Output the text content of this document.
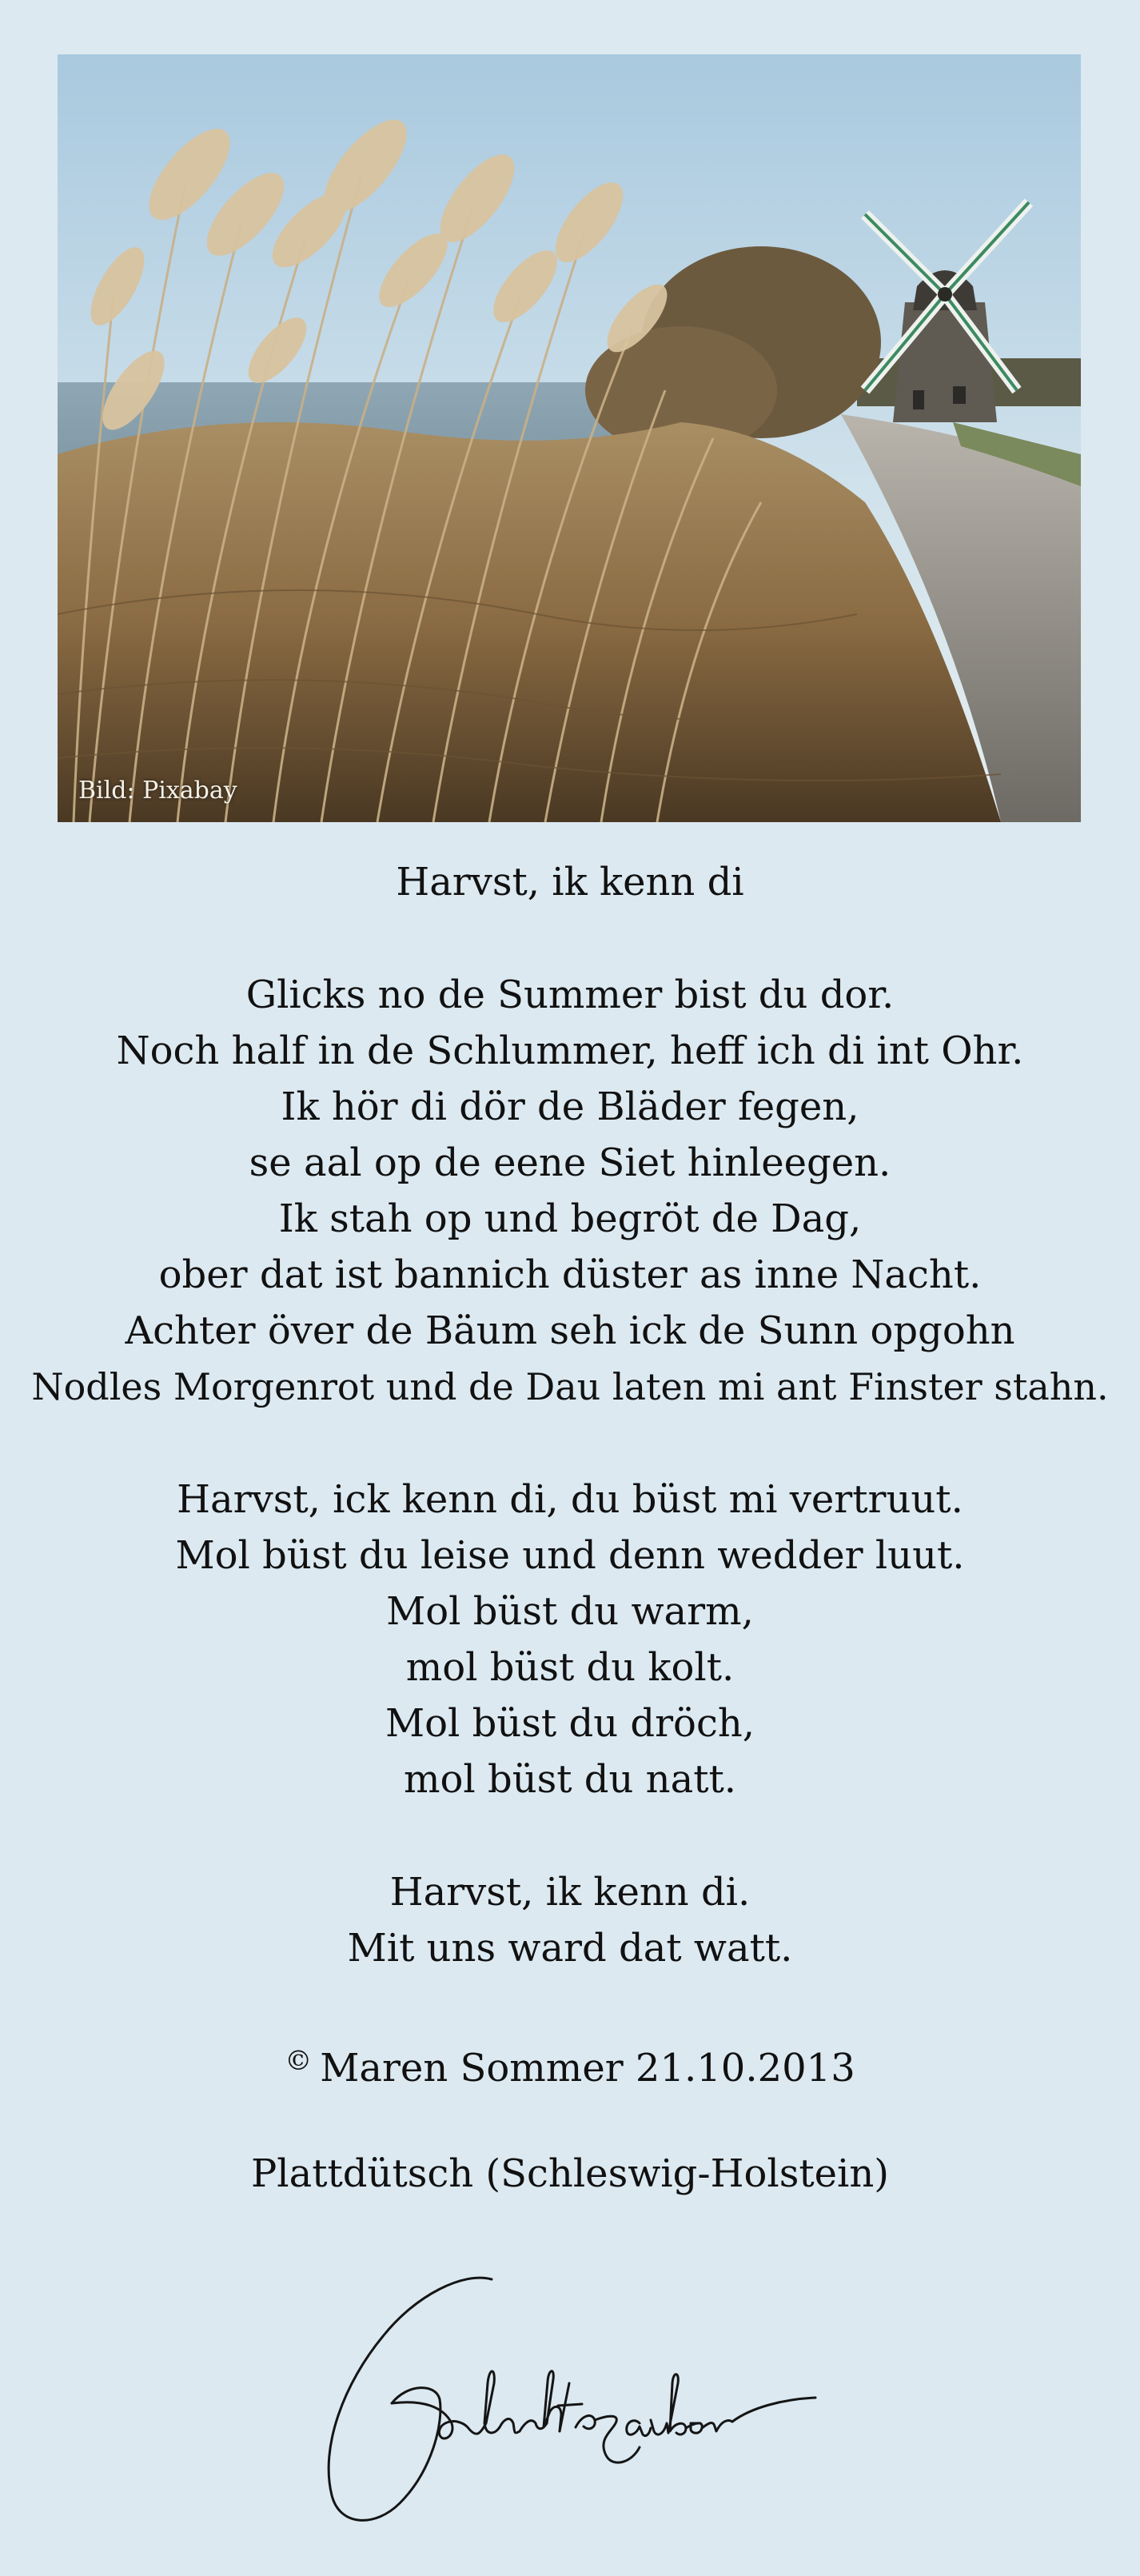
Bild: Pixabay
Harvst, ik kenn di
Glicks no de Summer bist du dor.
Noch half in de Schlummer, heff ich di int Ohr.
Ik hör di dör de Bläder fegen,
se aal op de eene Siet hinleegen.
Ik stah op und begröt de Dag,
ober dat ist bannich düster as inne Nacht.
Achter över de Bäum seh ick de Sunn opgohn
Nodles Morgenrot und de Dau laten mi ant Finster stahn.
Harvst, ick kenn di, du büst mi vertruut.
Mol büst du leise und denn wedder luut.
Mol büst du warm,
mol büst du kolt.
Mol büst du dröch,
mol büst du natt.
Harvst, ik kenn di.
Mit uns ward dat watt.
© Maren Sommer 21.10.2013
Plattdütsch (Schleswig-Holstein)
